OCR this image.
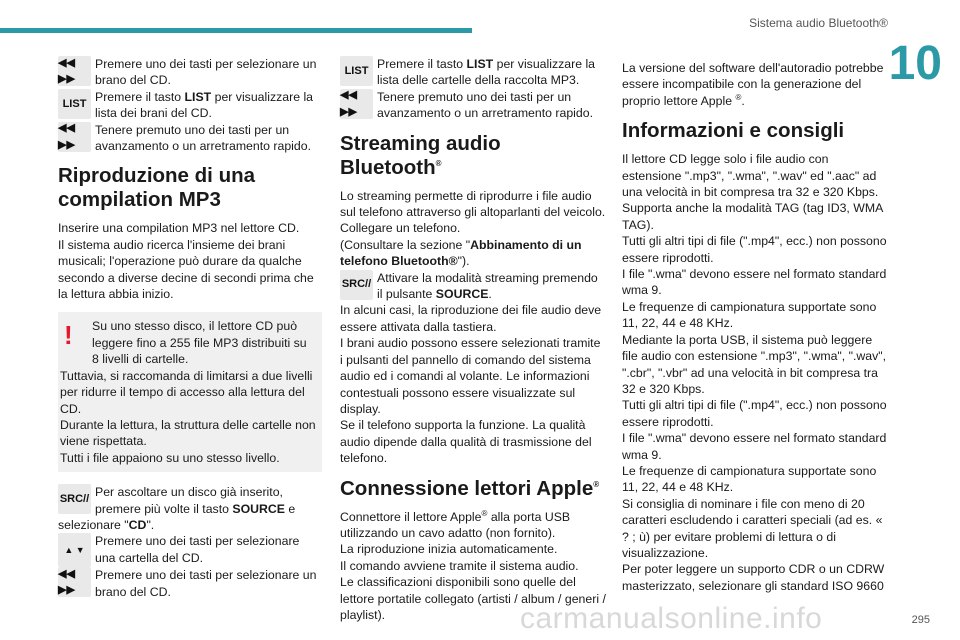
Sistema audio Bluetooth®
10
◀◀ ▶▶
Premere uno dei tasti per selezionare un brano del CD.
LIST Premere il tasto LIST per visualizzare la lista dei brani del CD.
◀◀ ▶▶
Tenere premuto uno dei tasti per un avanzamento o un arretramento rapido.
Riproduzione di una compilation MP3

Inserire una compilation MP3 nel lettore CD.

Il sistema audio ricerca l'insieme dei brani musicali; l'operazione può durare da qualche secondo a diverse decine di secondi prima che la lettura abbia inizio.

!	Su uno stesso disco, il lettore CD può leggere fino a 255 file MP3 distribuiti su 8 livelli di cartelle.

Tuttavia, si raccomanda di limitarsi a due livelli per ridurre il tempo di accesso alla lettura del CD.

Durante la lettura, la struttura delle cartelle non viene rispettata.

Tutti i file appaiono su uno stesso livello.

SRC// Per ascoltare un disco già inserito, premere più volte il tasto SOURCE e selezionare "CD".
▲ ▼
Premere uno dei tasti per selezionare una cartella del CD.
◀◀ ▶▶
Premere uno dei tasti per selezionare un brano del CD.
LIST Premere il tasto LIST per visualizzare la lista delle cartelle della raccolta MP3.
◀◀ ▶▶
Tenere premuto uno dei tasti per un avanzamento o un arretramento rapido.
Streaming audio Bluetooth®

Lo streaming permette di riprodurre i file audio sul telefono attraverso gli altoparlanti del veicolo.

Collegare un telefono.

(Consultare la sezione "Abbinamento di un telefono Bluetooth®").

SRC// Attivare la modalità streaming premendo il pulsante SOURCE.

In alcuni casi, la riproduzione dei file audio deve essere attivata dalla tastiera.

I brani audio possono essere selezionati tramite i pulsanti del pannello di comando del sistema audio ed i comandi al volante. Le informazioni contestuali possono essere visualizzate sul display.

Se il telefono supporta la funzione. La qualità audio dipende dalla qualità di trasmissione del telefono.

Connessione lettori Apple®

Connettore il lettore Apple® alla porta USB utilizzando un cavo adatto (non fornito).

La riproduzione inizia automaticamente.

Il comando avviene tramite il sistema audio.

Le classificazioni disponibili sono quelle del lettore portatile collegato (artisti / album / generi / playlist).

La versione del software dell'autoradio potrebbe essere incompatibile con la generazione del proprio lettore Apple ®.

Informazioni e consigli

Il lettore CD legge solo i file audio con estensione ".mp3", ".wma", ".wav" ed ".aac" ad una velocità in bit compresa tra 32 e 320 Kbps.

Supporta anche la modalità TAG (tag ID3, WMA TAG).

Tutti gli altri tipi di file (".mp4", ecc.) non possono essere riprodotti.

I file ".wma" devono essere nel formato standard wma 9.

Le frequenze di campionatura supportate sono 11, 22, 44 e 48 KHz.

Mediante la porta USB, il sistema può leggere file audio con estensione ".mp3", ".wma", ".wav", ".cbr", ".vbr" ad una velocità in bit compresa tra 32 e 320 Kbps.

Tutti gli altri tipi di file (".mp4", ecc.) non possono essere riprodotti.

I file ".wma" devono essere nel formato standard wma 9.

Le frequenze di campionatura supportate sono 11, 22, 44 e 48 KHz.

Si consiglia di nominare i file con meno di 20 caratteri escludendo i caratteri speciali (ad es. « ? ; ù) per evitare problemi di lettura o di visualizzazione.

Per poter leggere un supporto CDR o un CDRW masterizzato, selezionare gli standard ISO 9660

carmanualsonline.info	295
